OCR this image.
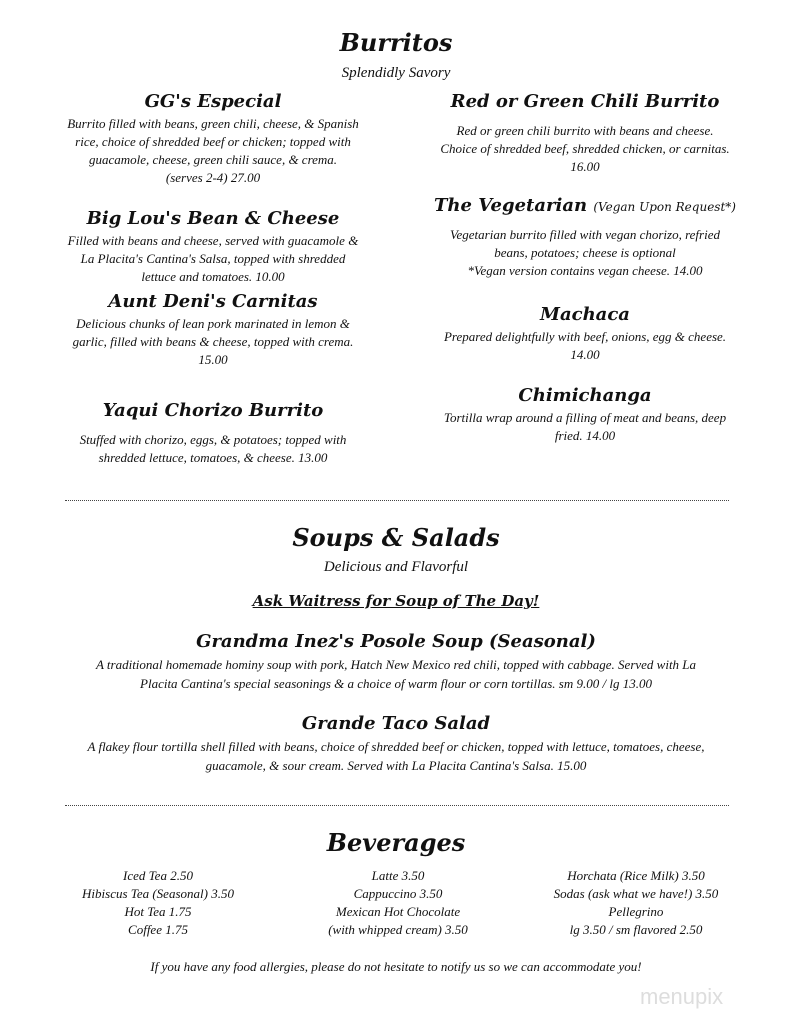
Burritos
Splendidly Savory
GG's Especial
Burrito filled with beans, green chili, cheese, & Spanish
rice, choice of shredded beef or chicken; topped with
guacamole, cheese, green chili sauce, & crema.
(serves 2-4) 27.00
Big Lou's Bean & Cheese
Filled with beans and cheese, served with guacamole &
La Placita's Cantina's Salsa, topped with shredded
lettuce and tomatoes. 10.00
Aunt Deni's Carnitas
Delicious chunks of lean pork marinated in lemon &
garlic, filled with beans & cheese, topped with crema.
15.00
Yaqui Chorizo Burrito
Stuffed with chorizo, eggs, & potatoes; topped with
shredded lettuce, tomatoes, & cheese. 13.00
Red or Green Chili Burrito
Red or green chili burrito with beans and cheese.
Choice of shredded beef, shredded chicken, or carnitas.
16.00
The Vegetarian (Vegan Upon Request*)
Vegetarian burrito filled with vegan chorizo, refried
beans, potatoes; cheese is optional
*Vegan version contains vegan cheese. 14.00
Machaca
Prepared delightfully with beef, onions, egg & cheese.
14.00
Chimichanga
Tortilla wrap around a filling of meat and beans, deep
fried. 14.00
Soups & Salads
Delicious and Flavorful
Ask Waitress for Soup of The Day!
Grandma Inez's Posole Soup (Seasonal)
A traditional homemade hominy soup with pork, Hatch New Mexico red chili, topped with cabbage. Served with La
Placita Cantina's special seasonings & a choice of warm flour or corn tortillas. sm 9.00 / lg 13.00
Grande Taco Salad
A flakey flour tortilla shell filled with beans, choice of shredded beef or chicken, topped with lettuce, tomatoes, cheese,
guacamole, & sour cream. Served with La Placita Cantina's Salsa. 15.00
Beverages
Iced Tea 2.50
Hibiscus Tea (Seasonal) 3.50
Hot Tea 1.75
Coffee 1.75
Latte 3.50
Cappuccino 3.50
Mexican Hot Chocolate
(with whipped cream) 3.50
Horchata (Rice Milk) 3.50
Sodas (ask what we have!) 3.50
Pellegrino
lg 3.50 / sm flavored 2.50
If you have any food allergies, please do not hesitate to notify us so we can accommodate you!
menupix
